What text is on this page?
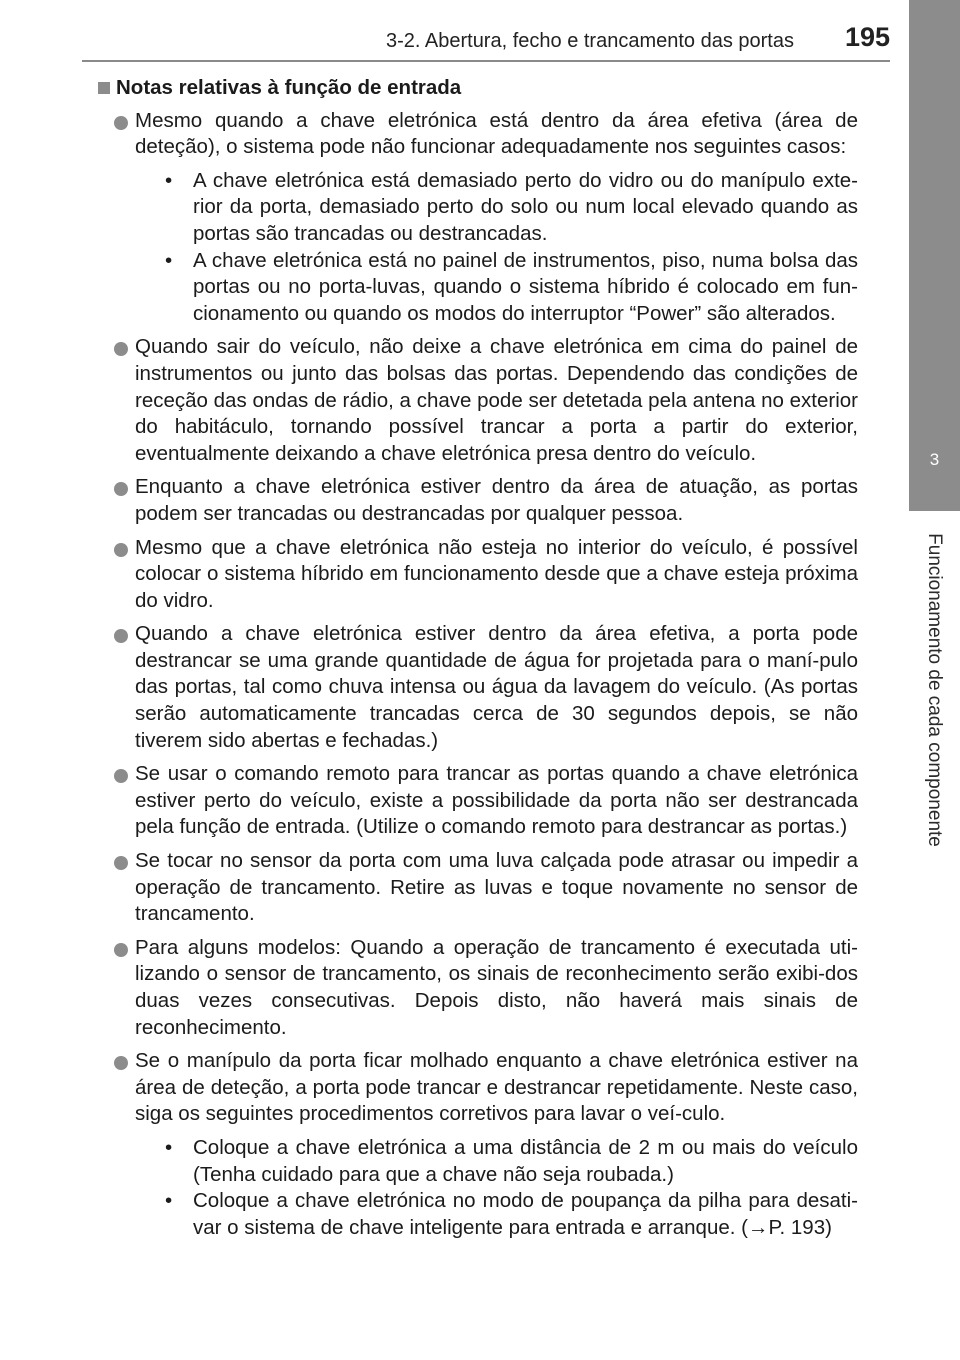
3-2. Abertura, fecho e trancamento das portas 195
3
Funcionamento de cada componente
Notas relativas à função de entrada
Mesmo quando a chave eletrónica está dentro da área efetiva (área de deteção), o sistema pode não funcionar adequadamente nos seguintes casos:
• A chave eletrónica está demasiado perto do vidro ou do manípulo exte-rior da porta, demasiado perto do solo ou num local elevado quando as portas são trancadas ou destrancadas.
• A chave eletrónica está no painel de instrumentos, piso, numa bolsa das portas ou no porta-luvas, quando o sistema híbrido é colocado em fun-cionamento ou quando os modos do interruptor “Power” são alterados.
Quando sair do veículo, não deixe a chave eletrónica em cima do painel de instrumentos ou junto das bolsas das portas. Dependendo das condições de receção das ondas de rádio, a chave pode ser detetada pela antena no exterior do habitáculo, tornando possível trancar a porta a partir do exterior, eventualmente deixando a chave eletrónica presa dentro do veículo.
Enquanto a chave eletrónica estiver dentro da área de atuação, as portas podem ser trancadas ou destrancadas por qualquer pessoa.
Mesmo que a chave eletrónica não esteja no interior do veículo, é possível colocar o sistema híbrido em funcionamento desde que a chave esteja próxima do vidro.
Quando a chave eletrónica estiver dentro da área efetiva, a porta pode destrancar se uma grande quantidade de água for projetada para o maní-pulo das portas, tal como chuva intensa ou água da lavagem do veículo. (As portas serão automaticamente trancadas cerca de 30 segundos depois, se não tiverem sido abertas e fechadas.)
Se usar o comando remoto para trancar as portas quando a chave eletrónica estiver perto do veículo, existe a possibilidade da porta não ser destrancada pela função de entrada. (Utilize o comando remoto para destrancar as portas.)
Se tocar no sensor da porta com uma luva calçada pode atrasar ou impedir a operação de trancamento. Retire as luvas e toque novamente no sensor de trancamento.
Para alguns modelos: Quando a operação de trancamento é executada uti-lizando o sensor de trancamento, os sinais de reconhecimento serão exibi-dos duas vezes consecutivas. Depois disto, não haverá mais sinais de reconhecimento.
Se o manípulo da porta ficar molhado enquanto a chave eletrónica estiver na área de deteção, a porta pode trancar e destrancar repetidamente. Neste caso, siga os seguintes procedimentos corretivos para lavar o veí-culo.
• Coloque a chave eletrónica a uma distância de 2 m ou mais do veículo (Tenha cuidado para que a chave não seja roubada.)
• Coloque a chave eletrónica no modo de poupança da pilha para desati-var o sistema de chave inteligente para entrada e arranque. (→P. 193)
